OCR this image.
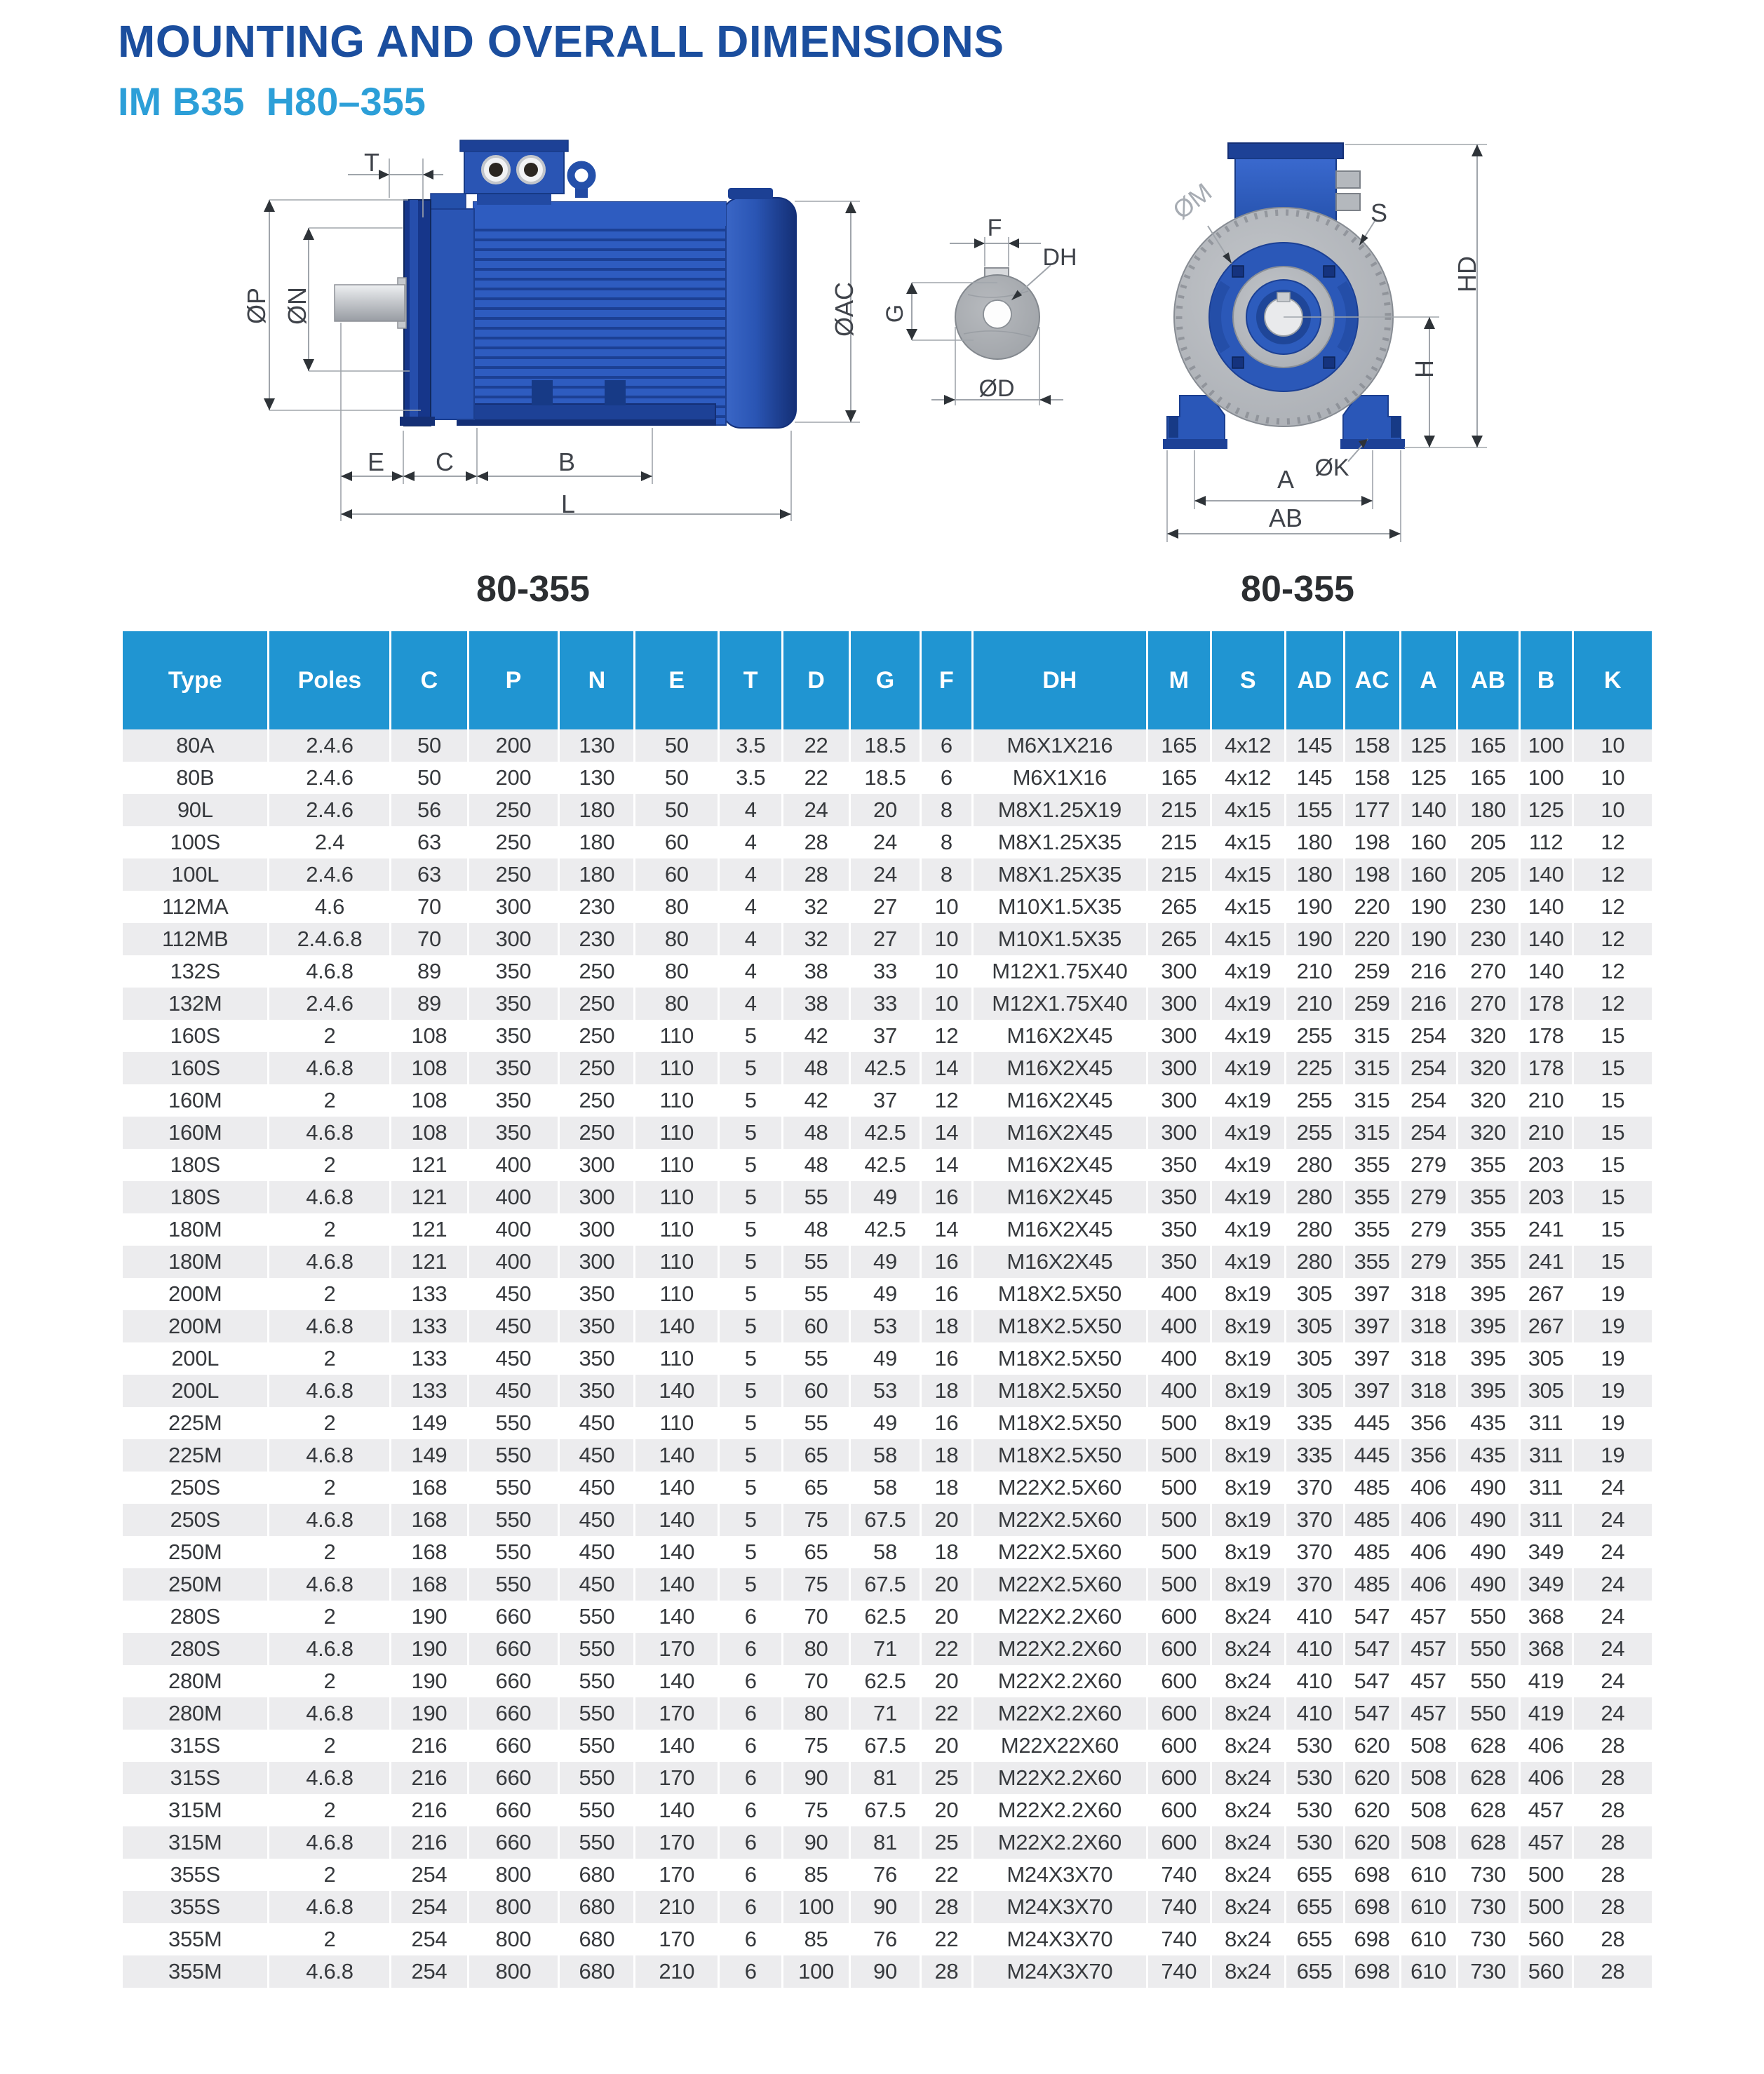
MOUNTING AND OVERALL DIMENSIONS
IM B35  H80–355
T
ØP ØN	ØAC
E C	B
L
F
DH
G
ØD
ØM	S
HD
H
A
AB
ØK
80-355	80-355
Type	Poles	C	P	N	E	T	D	G	F	DH	M	S	AD	AC	A	AB	B	K
80A	2.4.6	50	200	130	50	3.5	22	18.5	6	M6X1X216	165	4x12	145	158	125	165	100	10
80B	2.4.6	50	200	130	50	3.5	22	18.5	6	M6X1X16	165	4x12	145	158	125	165	100	10
90L	2.4.6	56	250	180	50	4	24	20	8	M8X1.25X19	215	4x15	155	177	140	180	125	10
100S	2.4	63	250	180	60	4	28	24	8	M8X1.25X35	215	4x15	180	198	160	205	112	12
100L	2.4.6	63	250	180	60	4	28	24	8	M8X1.25X35	215	4x15	180	198	160	205	140	12
112MA	4.6	70	300	230	80	4	32	27	10	M10X1.5X35	265	4x15	190	220	190	230	140	12
112MB	2.4.6.8	70	300	230	80	4	32	27	10	M10X1.5X35	265	4x15	190	220	190	230	140	12
132S	4.6.8	89	350	250	80	4	38	33	10	M12X1.75X40	300	4x19	210	259	216	270	140	12
132M	2.4.6	89	350	250	80	4	38	33	10	M12X1.75X40	300	4x19	210	259	216	270	178	12
160S	2	108	350	250	110	5	42	37	12	M16X2X45	300	4x19	255	315	254	320	178	15
160S	4.6.8	108	350	250	110	5	48	42.5	14	M16X2X45	300	4x19	225	315	254	320	178	15
160M	2	108	350	250	110	5	42	37	12	M16X2X45	300	4x19	255	315	254	320	210	15
160M	4.6.8	108	350	250	110	5	48	42.5	14	M16X2X45	300	4x19	255	315	254	320	210	15
180S	2	121	400	300	110	5	48	42.5	14	M16X2X45	350	4x19	280	355	279	355	203	15
180S	4.6.8	121	400	300	110	5	55	49	16	M16X2X45	350	4x19	280	355	279	355	203	15
180M	2	121	400	300	110	5	48	42.5	14	M16X2X45	350	4x19	280	355	279	355	241	15
180M	4.6.8	121	400	300	110	5	55	49	16	M16X2X45	350	4x19	280	355	279	355	241	15
200M	2	133	450	350	110	5	55	49	16	M18X2.5X50	400	8x19	305	397	318	395	267	19
200M	4.6.8	133	450	350	140	5	60	53	18	M18X2.5X50	400	8x19	305	397	318	395	267	19
200L	2	133	450	350	110	5	55	49	16	M18X2.5X50	400	8x19	305	397	318	395	305	19
200L	4.6.8	133	450	350	140	5	60	53	18	M18X2.5X50	400	8x19	305	397	318	395	305	19
225M	2	149	550	450	110	5	55	49	16	M18X2.5X50	500	8x19	335	445	356	435	311	19
225M	4.6.8	149	550	450	140	5	65	58	18	M18X2.5X50	500	8x19	335	445	356	435	311	19
250S	2	168	550	450	140	5	65	58	18	M22X2.5X60	500	8x19	370	485	406	490	311	24
250S	4.6.8	168	550	450	140	5	75	67.5	20	M22X2.5X60	500	8x19	370	485	406	490	311	24
250M	2	168	550	450	140	5	65	58	18	M22X2.5X60	500	8x19	370	485	406	490	349	24
250M	4.6.8	168	550	450	140	5	75	67.5	20	M22X2.5X60	500	8x19	370	485	406	490	349	24
280S	2	190	660	550	140	6	70	62.5	20	M22X2.2X60	600	8x24	410	547	457	550	368	24
280S	4.6.8	190	660	550	170	6	80	71	22	M22X2.2X60	600	8x24	410	547	457	550	368	24
280M	2	190	660	550	140	6	70	62.5	20	M22X2.2X60	600	8x24	410	547	457	550	419	24
280M	4.6.8	190	660	550	170	6	80	71	22	M22X2.2X60	600	8x24	410	547	457	550	419	24
315S	2	216	660	550	140	6	75	67.5	20	M22X22X60	600	8x24	530	620	508	628	406	28
315S	4.6.8	216	660	550	170	6	90	81	25	M22X2.2X60	600	8x24	530	620	508	628	406	28
315M	2	216	660	550	140	6	75	67.5	20	M22X2.2X60	600	8x24	530	620	508	628	457	28
315M	4.6.8	216	660	550	170	6	90	81	25	M22X2.2X60	600	8x24	530	620	508	628	457	28
355S	2	254	800	680	170	6	85	76	22	M24X3X70	740	8x24	655	698	610	730	500	28
355S	4.6.8	254	800	680	210	6	100	90	28	M24X3X70	740	8x24	655	698	610	730	500	28
355M	2	254	800	680	170	6	85	76	22	M24X3X70	740	8x24	655	698	610	730	560	28
355M	4.6.8	254	800	680	210	6	100	90	28	M24X3X70	740	8x24	655	698	610	730	560	28
